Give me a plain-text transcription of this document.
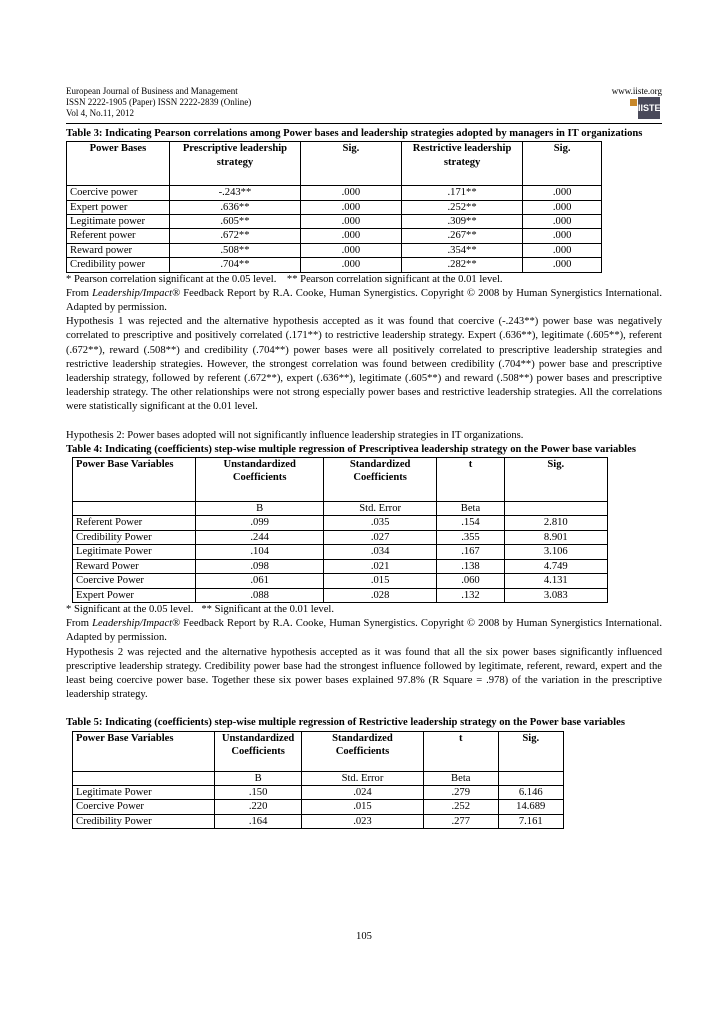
European Journal of Business and Management
ISSN 2222-1905 (Paper) ISSN 2222-2839 (Online)
Vol 4, No.11, 2012
www.iiste.org
IISTE
Table 3: Indicating Pearson correlations among Power bases and leadership strategies adopted by managers in IT organizations
Power Bases	Prescriptive leadership strategy	Sig.	Restrictive leadership strategy	Sig.
Coercive power	-.243**	.000	.171**	.000
Expert power	.636**	.000	.252**	.000
Legitimate power	.605**	.000	.309**	.000
Referent power	.672**	.000	.267**	.000
Reward power	.508**	.000	.354**	.000
Credibility power	.704**	.000	.282**	.000

* Pearson correlation significant at the 0.05 level.    ** Pearson correlation significant at the 0.01 level.

From Leadership/Impact® Feedback Report by R.A. Cooke, Human Synergistics. Copyright © 2008 by Human Synergistics International. Adapted by permission.

Hypothesis 1 was rejected and the alternative hypothesis accepted as it was found that coercive (-.243**) power base was negatively correlated to prescriptive and positively correlated (.171**) to restrictive leadership strategy. Expert (.636**), legitimate (.605**), referent (.672**), reward (.508**) and credibility (.704**) power bases were all positively correlated to prescriptive leadership strategies and restrictive leadership strategies. However, the strongest correlation was found between credibility (.704**) power base and prescriptive leadership strategy, followed by referent (.672**), expert (.636**), legitimate (.605**) and reward (.508**) power bases and prescriptive leadership strategy. The other relationships were not strong especially power bases and restrictive leadership strategies. All the correlations were statistically significant at the 0.01 level.

Hypothesis 2: Power bases adopted will not significantly influence leadership strategies in IT organizations.

Table 4: Indicating (coefficients) step-wise multiple regression of Prescriptivea leadership strategy on the Power base variables
Power Base Variables	Unstandardized Coefficients	Standardized Coefficients	t	Sig.
	B	Std. Error	Beta	
Referent Power	.099	.035	.154	2.810
Credibility Power	.244	.027	.355	8.901
Legitimate Power	.104	.034	.167	3.106
Reward Power	.098	.021	.138	4.749
Coercive Power	.061	.015	.060	4.131
Expert Power	.088	.028	.132	3.083

* Significant at the 0.05 level.   ** Significant at the 0.01 level.

From Leadership/Impact® Feedback Report by R.A. Cooke, Human Synergistics. Copyright © 2008 by Human Synergistics International. Adapted by permission.

Hypothesis 2 was rejected and the alternative hypothesis accepted as it was found that all the six power bases significantly influenced prescriptive leadership strategy. Credibility power base had the strongest influence followed by legitimate, referent, reward, expert and the least being coercive power base. Together these six power bases explained 97.8% (R Square = .978) of the variation in the prescriptive leadership strategy.

Table 5: Indicating (coefficients) step-wise multiple regression of Restrictive leadership strategy on the Power base variables
Power Base Variables	Unstandardized Coefficients	Standardized Coefficients	t	Sig.
	B	Std. Error	Beta	
Legitimate Power	.150	.024	.279	6.146
Coercive Power	.220	.015	.252	14.689
Credibility Power	.164	.023	.277	7.161
105
